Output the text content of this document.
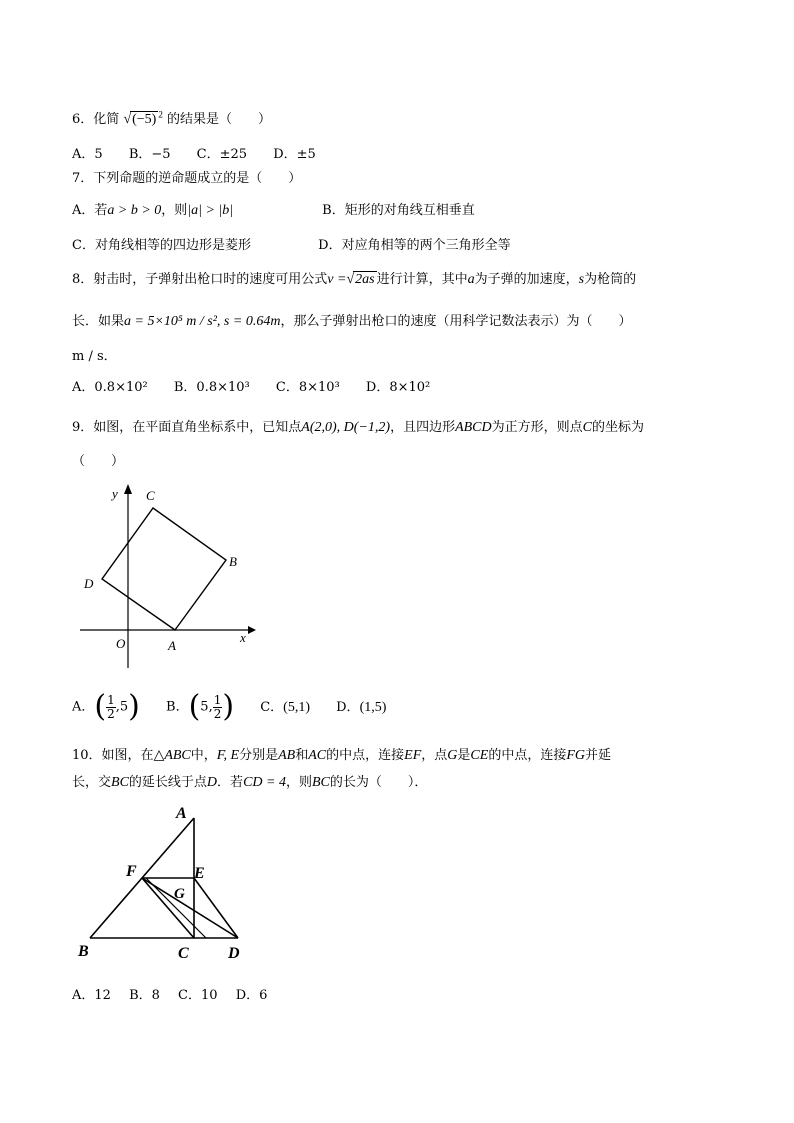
6．化简 √(−5) $^2$ 的结果是（　　）
A．5 B．−5 C．±25 D．±5
7．下列命题的逆命题成立的是（　　）
A．若a > b > 0，则|a| > |b|	B．矩形的对角线互相垂直
C．对角线相等的四边形是菱形	D．对应角相等的两个三角形全等
8．射击时，子弹射出枪口时的速度可用公式v =√2as 进行计算，其中a为子弹的加速度，s为枪筒的
长．如果a = 5×10⁵ m / s², s = 0.64m，那么子弹射出枪口的速度（用科学记数法表示）为（　　）
m / s．
A．0.8×10² B．0.8×10³ C．8×10³ D．8×10²
9．如图，在平面直角坐标系中，已知点A(2,0), D(−1,2)，且四边形ABCD为正方形，则点C的坐标为
（　　）
y C
B
D
O	A
x
A．( $\frac{1}{2} ,5$) B．(5, $\frac{1}{2}$ ) C．(5,1) D．(1,5)
10．如图，在△ABC中，F, E分别是AB和AC的中点，连接EF，点G是CE的中点，连接FG并延
长，交BC的延长线于点D．若CD = 4，则BC的长为（　　）．
A
F	E
G
B	C D
A．12 B．8 C．10 D．6
